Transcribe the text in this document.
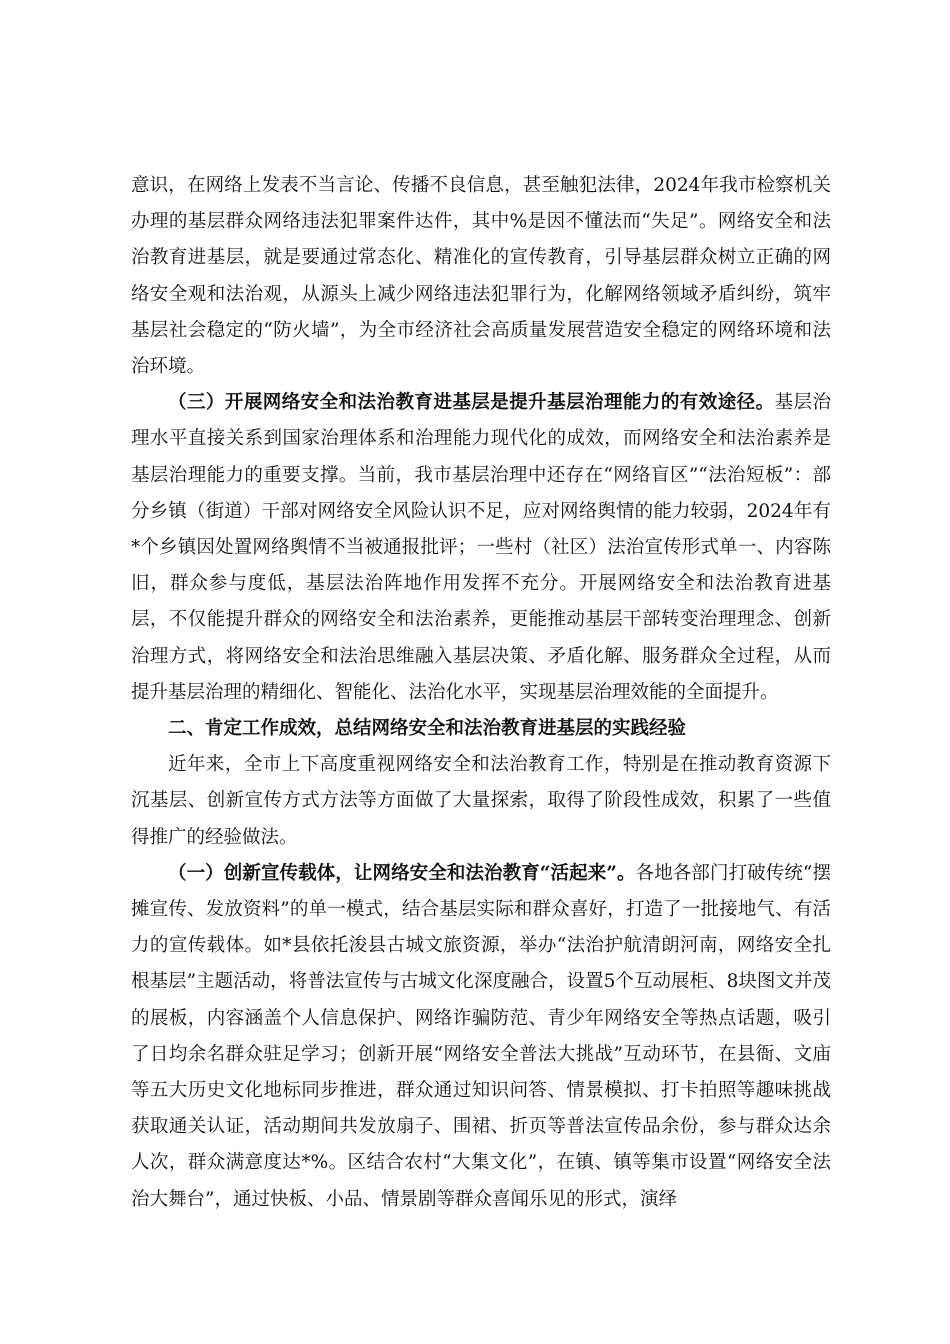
意识，在网络上发表不当言论、传播不良信息，甚至触犯法律，2024年我市检察机关办理的基层群众网络违法犯罪案件达件，其中%是因不懂法而“失足”。网络安全和法治教育进基层，就是要通过常态化、精准化的宣传教育，引导基层群众树立正确的网络安全观和法治观，从源头上减少网络违法犯罪行为，化解网络领域矛盾纠纷，筑牢基层社会稳定的“防火墙”，为全市经济社会高质量发展营造安全稳定的网络环境和法治环境。

（三）开展网络安全和法治教育进基层是提升基层治理能力的有效途径。基层治理水平直接关系到国家治理体系和治理能力现代化的成效，而网络安全和法治素养是基层治理能力的重要支撑。当前，我市基层治理中还存在“网络盲区”“法治短板”：部分乡镇（街道）干部对网络安全风险认识不足，应对网络舆情的能力较弱，2024年有*个乡镇因处置网络舆情不当被通报批评；一些村（社区）法治宣传形式单一、内容陈旧，群众参与度低，基层法治阵地作用发挥不充分。开展网络安全和法治教育进基层，不仅能提升群众的网络安全和法治素养，更能推动基层干部转变治理理念、创新治理方式，将网络安全和法治思维融入基层决策、矛盾化解、服务群众全过程，从而提升基层治理的精细化、智能化、法治化水平，实现基层治理效能的全面提升。

二、肯定工作成效，总结网络安全和法治教育进基层的实践经验

近年来，全市上下高度重视网络安全和法治教育工作，特别是在推动教育资源下沉基层、创新宣传方式方法等方面做了大量探索，取得了阶段性成效，积累了一些值得推广的经验做法。

（一）创新宣传载体，让网络安全和法治教育“活起来”。各地各部门打破传统“摆摊宣传、发放资料”的单一模式，结合基层实际和群众喜好，打造了一批接地气、有活力的宣传载体。如*县依托浚县古城文旅资源，举办“法治护航清朗河南，网络安全扎根基层”主题活动，将普法宣传与古城文化深度融合，设置5个互动展柜、8块图文并茂的展板，内容涵盖个人信息保护、网络诈骗防范、青少年网络安全等热点话题，吸引了日均余名群众驻足学习；创新开展“网络安全普法大挑战”互动环节，在县衙、文庙等五大历史文化地标同步推进，群众通过知识问答、情景模拟、打卡拍照等趣味挑战获取通关认证，活动期间共发放扇子、围裙、折页等普法宣传品余份，参与群众达余人次，群众满意度达*%。区结合农村“大集文化”，在镇、镇等集市设置“网络安全法治大舞台”，通过快板、小品、情景剧等群众喜闻乐见的形式，演绎
